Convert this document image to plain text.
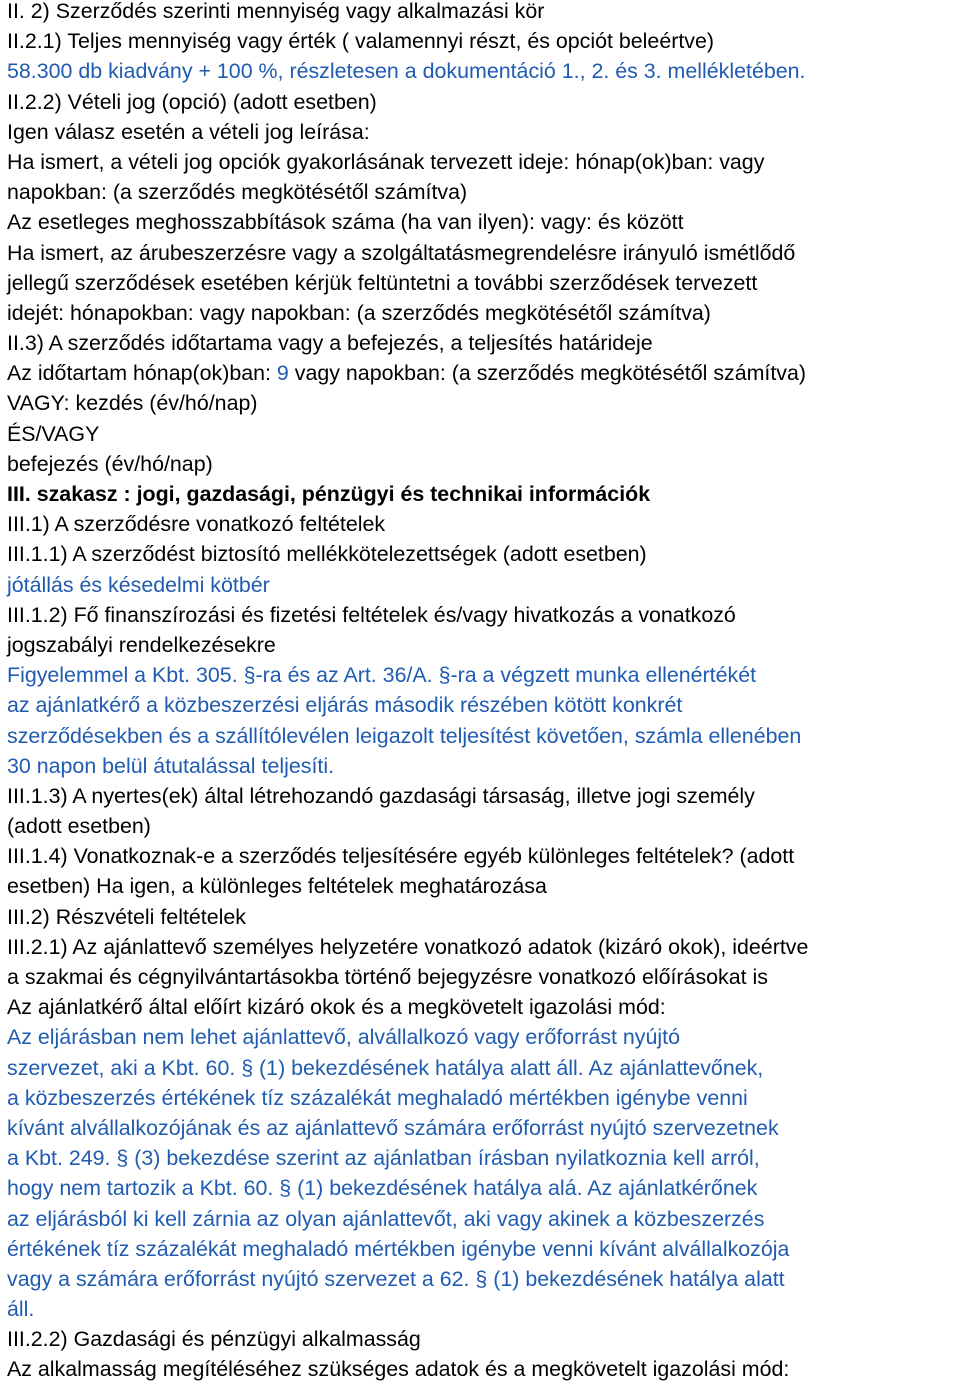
II. 2) Szerződés szerinti mennyiség vagy alkalmazási kör
II.2.1) Teljes mennyiség vagy érték ( valamennyi részt, és opciót beleértve)
58.300 db kiadvány + 100 %, részletesen a dokumentáció 1., 2. és 3. mellékletében.
II.2.2) Vételi jog (opció) (adott esetben)
Igen válasz esetén a vételi jog leírása:
Ha ismert, a vételi jog opciók gyakorlásának tervezett ideje: hónap(ok)ban: vagy
napokban: (a szerződés megkötésétől számítva)
Az esetleges meghosszabbítások száma (ha van ilyen): vagy: és között
Ha ismert, az árubeszerzésre vagy a szolgáltatásmegrendelésre irányuló ismétlődő
jellegű szerződések esetében kérjük feltüntetni a további szerződések tervezett
idejét: hónapokban: vagy napokban: (a szerződés megkötésétől számítva)
II.3) A szerződés időtartama vagy a befejezés, a teljesítés határideje
Az időtartam hónap(ok)ban: 9 vagy napokban: (a szerződés megkötésétől számítva)
VAGY: kezdés (év/hó/nap)
ÉS/VAGY
befejezés (év/hó/nap)
III. szakasz : jogi, gazdasági, pénzügyi és technikai információk
III.1) A szerződésre vonatkozó feltételek
III.1.1) A szerződést biztosító mellékkötelezettségek (adott esetben)
jótállás és késedelmi kötbér
III.1.2) Fő finanszírozási és fizetési feltételek és/vagy hivatkozás a vonatkozó
jogszabályi rendelkezésekre
Figyelemmel a Kbt. 305. §-ra és az Art. 36/A. §-ra a végzett munka ellenértékét
az ajánlatkérő a közbeszerzési eljárás második részében kötött konkrét
szerződésekben és a szállítólevélen leigazolt teljesítést követően, számla ellenében
30 napon belül átutalással teljesíti.
III.1.3) A nyertes(ek) által létrehozandó gazdasági társaság, illetve jogi személy
(adott esetben)
III.1.4) Vonatkoznak-e a szerződés teljesítésére egyéb különleges feltételek? (adott
esetben) Ha igen, a különleges feltételek meghatározása
III.2) Részvételi feltételek
III.2.1) Az ajánlattevő személyes helyzetére vonatkozó adatok (kizáró okok), ideértve
a szakmai és cégnyilvántartásokba történő bejegyzésre vonatkozó előírásokat is
Az ajánlatkérő által előírt kizáró okok és a megkövetelt igazolási mód:
Az eljárásban nem lehet ajánlattevő, alvállalkozó vagy erőforrást nyújtó
szervezet, aki a Kbt. 60. § (1) bekezdésének hatálya alatt áll. Az ajánlattevőnek,
a közbeszerzés értékének tíz százalékát meghaladó mértékben igénybe venni
kívánt alvállalkozójának és az ajánlattevő számára erőforrást nyújtó szervezetnek
a Kbt. 249. § (3) bekezdése szerint az ajánlatban írásban nyilatkoznia kell arról,
hogy nem tartozik a Kbt. 60. § (1) bekezdésének hatálya alá. Az ajánlatkérőnek
az eljárásból ki kell zárnia az olyan ajánlattevőt, aki vagy akinek a közbeszerzés
értékének tíz százalékát meghaladó mértékben igénybe venni kívánt alvállalkozója
vagy a számára erőforrást nyújtó szervezet a 62. § (1) bekezdésének hatálya alatt
áll.
III.2.2) Gazdasági és pénzügyi alkalmasság
Az alkalmasság megítéléséhez szükséges adatok és a megkövetelt igazolási mód:
